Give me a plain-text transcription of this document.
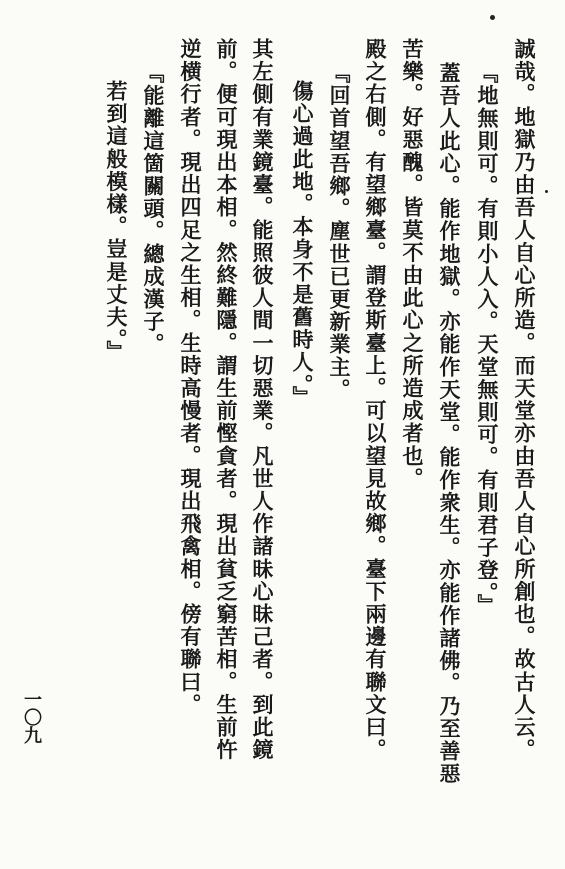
誠哉。地獄乃由吾人自心所造。而天堂亦由吾人自心所創也。故古人云。
『地無則可。有則小人入。天堂無則可。有則君子登。』
蓋吾人此心。能作地獄。亦能作天堂。能作衆生。亦能作諸佛。乃至善惡
苦樂。好惡醜。皆莫不由此心之所造成者也。
殿之右側。有望鄉臺。謂登斯臺上。可以望見故鄉。臺下兩邊有聯文曰。
『回首望吾鄉。塵世已更新業主。
傷心過此地。本身不是舊時人。』
其左側有業鏡臺。能照彼人間一切惡業。凡世人作諸昧心昧己者。到此鏡
前。便可現出本相。然終難隱。謂生前慳貪者。現出貧乏窮苦相。生前忤
逆横行者。現出四足之生相。生時高慢者。現出飛禽相。傍有聯曰。
『能離這箇關頭。總成漢子。
若到這般模樣。豈是丈夫。』
一〇九
